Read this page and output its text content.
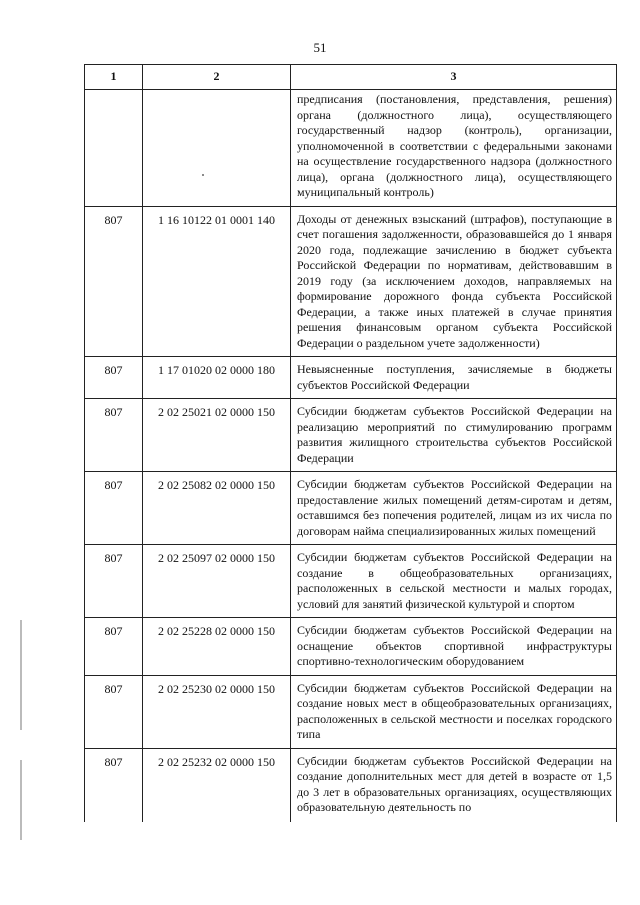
51
1	2	3
		предписания (постановления, представления, решения) органа (должностного лица), осуществляющего государственный надзор (контроль), организации, уполномоченной в соответствии с федеральными законами на осуществление государственного надзора (должностного лица), органа (должностного лица), осуществляющего муниципальный контроль)
807	1 16 10122 01 0001 140	Доходы от денежных взысканий (штрафов), поступающие в счет погашения задолженности, образовавшейся до 1 января 2020 года, подлежащие зачислению в бюджет субъекта Российской Федерации по нормативам, действовавшим в 2019 году (за исключением доходов, направляемых на формирование дорожного фонда субъекта Российской Федерации, а также иных платежей в случае принятия решения финансовым органом субъекта Российской Федерации о раздельном учете задолженности)
807	1 17 01020 02 0000 180	Невыясненные поступления, зачисляемые в бюджеты субъектов Российской Федерации
807	2 02 25021 02 0000 150	Субсидии бюджетам субъектов Российской Федерации на реализацию мероприятий по стимулированию программ развития жилищного строительства субъектов Российской Федерации
807	2 02 25082 02 0000 150	Субсидии бюджетам субъектов Российской Федерации на предоставление жилых помещений детям-сиротам и детям, оставшимся без попечения родителей, лицам из их числа по договорам найма специализированных жилых помещений
807	2 02 25097 02 0000 150	Субсидии бюджетам субъектов Российской Федерации на создание в общеобразовательных организациях, расположенных в сельской местности и малых городах, условий для занятий физической культурой и спортом
807	2 02 25228 02 0000 150	Субсидии бюджетам субъектов Российской Федерации на оснащение объектов спортивной инфраструктуры спортивно-технологическим оборудованием
807	2 02 25230 02 0000 150	Субсидии бюджетам субъектов Российской Федерации на создание новых мест в общеобразовательных организациях, расположенных в сельской местности и поселках городского типа
807	2 02 25232 02 0000 150	Субсидии бюджетам субъектов Российской Федерации на создание дополнительных мест для детей в возрасте от 1,5 до 3 лет в образовательных организациях, осуществляющих образовательную деятельность по
